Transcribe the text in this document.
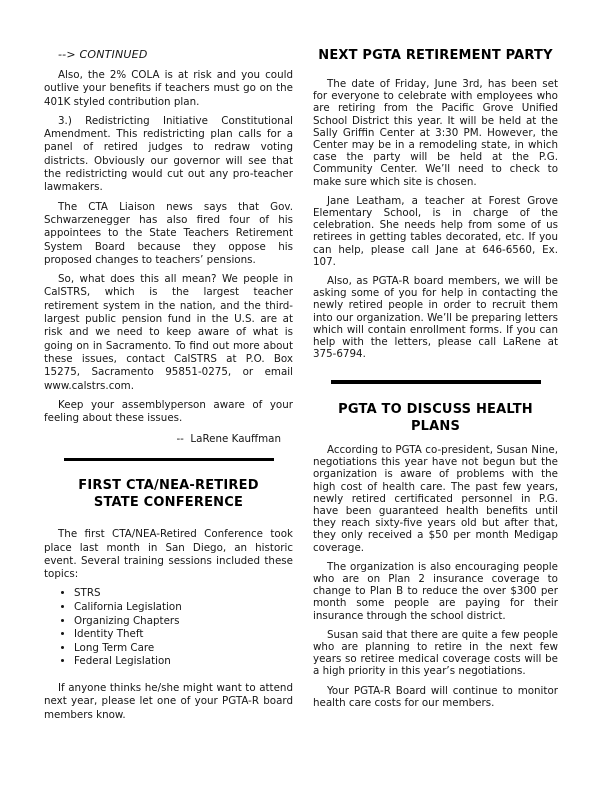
--> CONTINUED

Also, the 2% COLA is at risk and you could outlive your benefits if teachers must go on the 401K styled contribution plan.

3.) Redistricting Initiative Constitutional Amendment. This redistricting plan calls for a panel of retired judges to redraw voting districts. Obviously our governor will see that the redistricting would cut out any pro-teacher lawmakers.

The CTA Liaison news says that Gov. Schwarzenegger has also fired four of his appointees to the State Teachers Retirement System Board because they oppose his proposed changes to teachers’ pensions.

So, what does this all mean? We people in CalSTRS, which is the largest teacher retirement system in the nation, and the third-largest public pension fund in the U.S. are at risk and we need to keep aware of what is going on in Sacramento. To find out more about these issues, contact CalSTRS at P.O. Box 15275, Sacramento 95851-0275, or email www.calstrs.com.

Keep your assemblyperson aware of your feeling about these issues.

--  LaRene Kauffman
FIRST CTA/NEA-RETIRED
STATE CONFERENCE

The first CTA/NEA-Retired Conference took place last month in San Diego, an historic event. Several training sessions included these topics:

• STRS
• California Legislation
• Organizing Chapters
• Identity Theft
• Long Term Care
• Federal Legislation

If anyone thinks he/she might want to attend next year, please let one of your PGTA-R board members know.

NEXT PGTA RETIREMENT PARTY

The date of Friday, June 3rd, has been set for everyone to celebrate with employees who are retiring from the Pacific Grove Unified School District this year. It will be held at the Sally Griffin Center at 3:30 PM. However, the Center may be in a remodeling state, in which case the party will be held at the P.G. Community Center. We’ll need to check to make sure which site is chosen.

Jane Leatham, a teacher at Forest Grove Elementary School, is in charge of the celebration. She needs help from some of us retirees in getting tables decorated, etc. If you can help, please call Jane at 646-6560, Ex. 107.

Also, as PGTA-R board members, we will be asking some of you for help in contacting the newly retired people in order to recruit them into our organization. We’ll be preparing letters which will contain enrollment forms. If you can help with the letters, please call LaRene at 375-6794.

PGTA TO DISCUSS HEALTH PLANS

According to PGTA co-president, Susan Nine, negotiations this year have not begun but the organization is aware of problems with the high cost of health care. The past few years, newly retired certificated personnel in P.G. have been guaranteed health benefits until they reach sixty-five years old but after that, they only received a $50 per month Medigap coverage.

The organization is also encouraging people who are on Plan 2 insurance coverage to change to Plan B to reduce the over $300 per month some people are paying for their insurance through the school district.

Susan said that there are quite a few people who are planning to retire in the next few years so retiree medical coverage costs will be a high priority in this year’s negotiations.

Your PGTA-R Board will continue to monitor health care costs for our members.
